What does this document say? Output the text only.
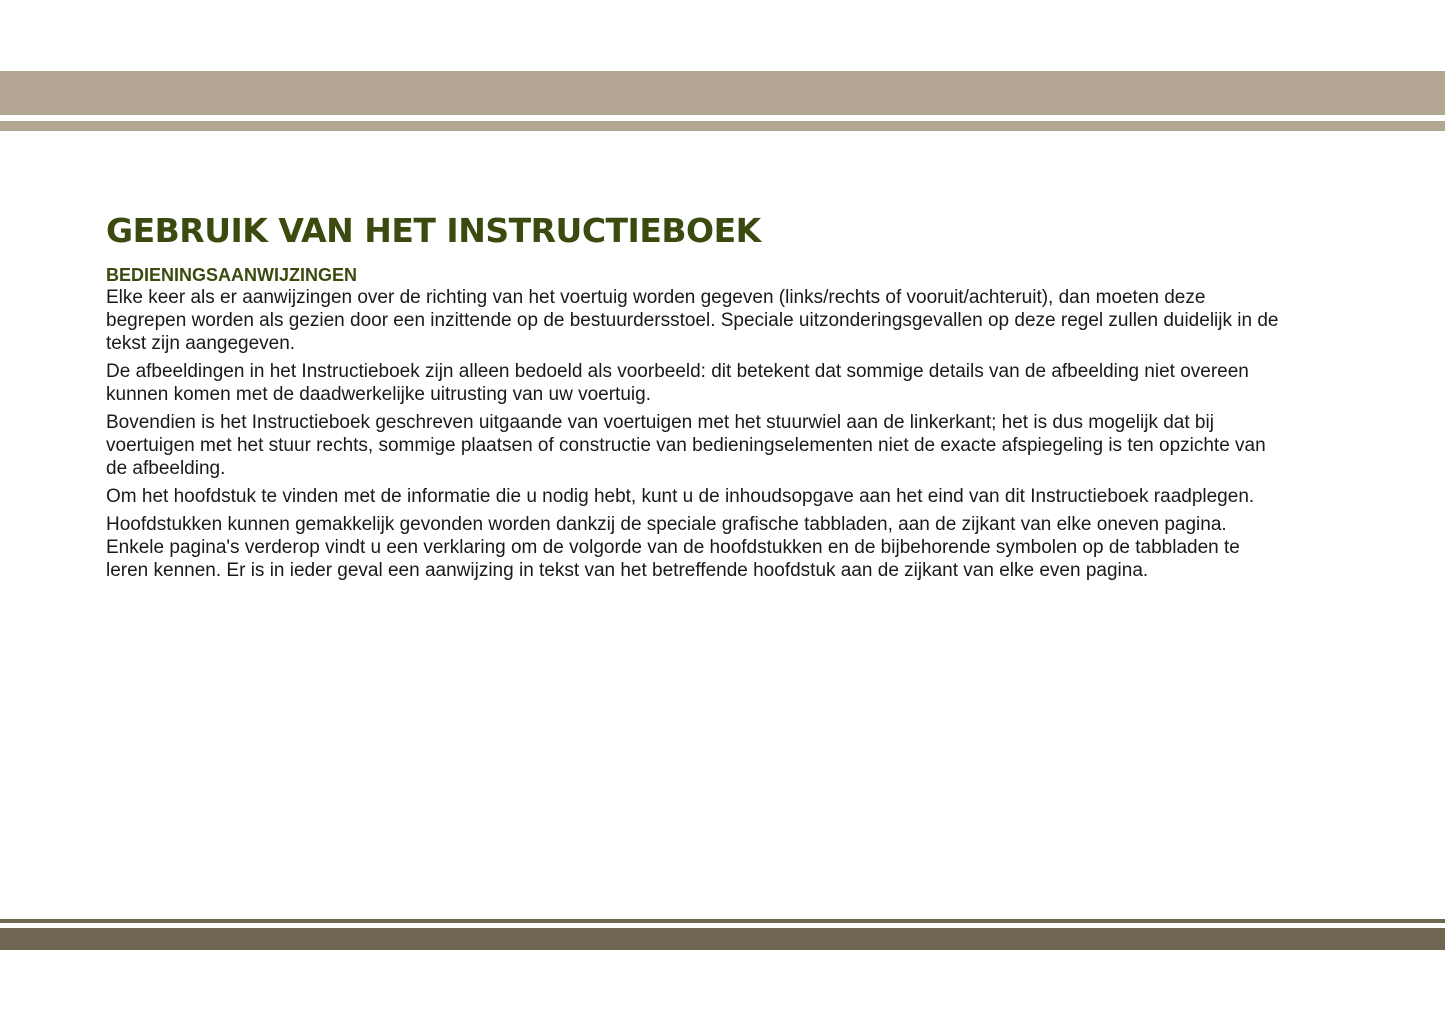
GEBRUIK VAN HET INSTRUCTIEBOEK
BEDIENINGSAANWIJZINGEN

Elke keer als er aanwijzingen over de richting van het voertuig worden gegeven (links/rechts of vooruit/achteruit), dan moeten deze begrepen worden als gezien door een inzittende op de bestuurdersstoel. Speciale uitzonderingsgevallen op deze regel zullen duidelijk in de tekst zijn aangegeven.

De afbeeldingen in het Instructieboek zijn alleen bedoeld als voorbeeld: dit betekent dat sommige details van de afbeelding niet overeen kunnen komen met de daadwerkelijke uitrusting van uw voertuig.

Bovendien is het Instructieboek geschreven uitgaande van voertuigen met het stuurwiel aan de linkerkant; het is dus mogelijk dat bij voertuigen met het stuur rechts, sommige plaatsen of constructie van bedieningselementen niet de exacte afspiegeling is ten opzichte van de afbeelding.

Om het hoofdstuk te vinden met de informatie die u nodig hebt, kunt u de inhoudsopgave aan het eind van dit Instructieboek raadplegen.

Hoofdstukken kunnen gemakkelijk gevonden worden dankzij de speciale grafische tabbladen, aan de zijkant van elke oneven pagina. Enkele pagina's verderop vindt u een verklaring om de volgorde van de hoofdstukken en de bijbehorende symbolen op de tabbladen te leren kennen. Er is in ieder geval een aanwijzing in tekst van het betreffende hoofdstuk aan de zijkant van elke even pagina.
